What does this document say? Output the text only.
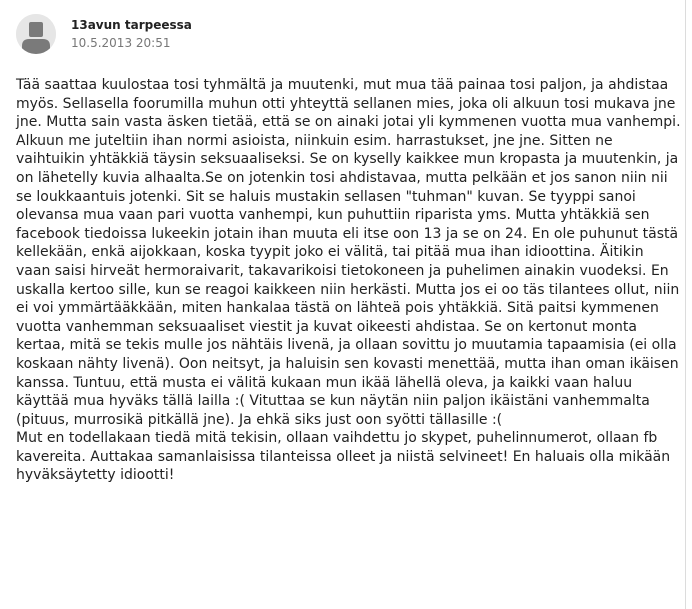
13avun tarpeessa
10.5.2013 20:51

Tää saattaa kuulostaa tosi tyhmältä ja muutenki, mut mua tää painaa tosi paljon, ja ahdistaa myös. Sellasella foorumilla muhun otti yhteyttä sellanen mies, joka oli alkuun tosi mukava jne jne. Mutta sain vasta äsken tietää, että se on ainaki jotai yli kymmenen vuotta mua vanhempi. Alkuun me juteltiin ihan normi asioista, niinkuin esim. harrastukset, jne jne. Sitten ne vaihtuikin yhtäkkiä täysin seksuaaliseksi. Se on kyselly kaikkee mun kropasta ja muutenkin, ja on lähetelly kuvia alhaalta.Se on jotenkin tosi ahdistavaa, mutta pelkään et jos sanon niin nii se loukkaantuis jotenki. Sit se haluis mustakin sellasen "tuhman" kuvan. Se tyyppi sanoi olevansa mua vaan pari vuotta vanhempi, kun puhuttiin riparista yms. Mutta yhtäkkiä sen facebook tiedoissa lukeekin jotain ihan muuta eli itse oon 13 ja se on 24. En ole puhunut tästä kellekään, enkä aijokkaan, koska tyypit joko ei välitä, tai pitää mua ihan idioottina. Äitikin vaan saisi hirveät hermoraivarit, takavarikoisi tietokoneen ja puhelimen ainakin vuodeksi. En uskalla kertoo sille, kun se reagoi kaikkeen niin herkästi. Mutta jos ei oo täs tilantees ollut, niin ei voi ymmärtääkkään, miten hankalaa tästä on lähteä pois yhtäkkiä. Sitä paitsi kymmenen vuotta vanhemman seksuaaliset viestit ja kuvat oikeesti ahdistaa. Se on kertonut monta kertaa, mitä se tekis mulle jos nähtäis livenä, ja ollaan sovittu jo muutamia tapaamisia (ei olla koskaan nähty livenä). Oon neitsyt, ja haluisin sen kovasti menettää, mutta ihan oman ikäisen kanssa. Tuntuu, että musta ei välitä kukaan mun ikää lähellä oleva, ja kaikki vaan haluu käyttää mua hyväks tällä lailla :( Vituttaa se kun näytän niin paljon ikäistäni vanhemmalta (pituus, murrosikä pitkällä jne). Ja ehkä siks just oon syötti tällasille :(

Mut en todellakaan tiedä mitä tekisin, ollaan vaihdettu jo skypet, puhelinnumerot, ollaan fb kavereita. Auttakaa samanlaisissa tilanteissa olleet ja niistä selvineet! En haluais olla mikään hyväksäytetty idiootti!
